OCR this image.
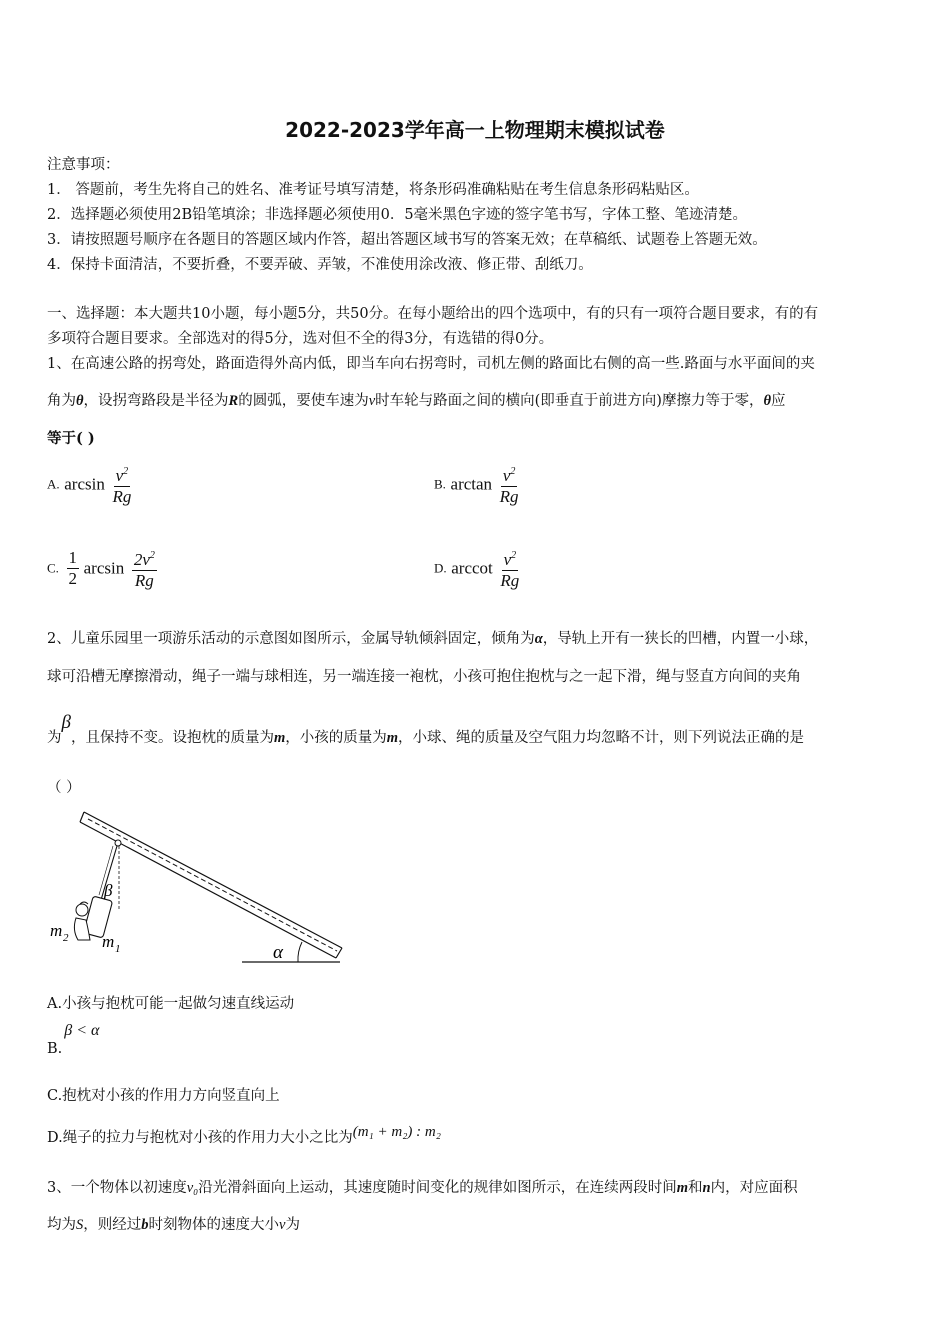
2022-2023学年高一上物理期末模拟试卷
注意事项：
1． 答题前，考生先将自己的姓名、准考证号填写清楚，将条形码准确粘贴在考生信息条形码粘贴区。
2．选择题必须使用2B铅笔填涂；非选择题必须使用0．5毫米黑色字迹的签字笔书写，字体工整、笔迹清楚。
3．请按照题号顺序在各题目的答题区域内作答，超出答题区域书写的答案无效；在草稿纸、试题卷上答题无效。
4．保持卡面清洁，不要折叠，不要弄破、弄皱，不准使用涂改液、修正带、刮纸刀。
一、选择题：本大题共10小题，每小题5分，共50分。在每小题给出的四个选项中，有的只有一项符合题目要求，有的有
多项符合题目要求。全部选对的得5分，选对但不全的得3分，有选错的得0分。
1、在高速公路的拐弯处，路面造得外高内低，即当车向右拐弯时，司机左侧的路面比右侧的高一些.路面与水平面间的夹
角为θ，设拐弯路段是半径为R的圆弧，要使车速为v时车轮与路面之间的横向(即垂直于前进方向)摩擦力等于零，θ应
等于( )
A. $\arcsin \frac{v^2}{Rg}$	B. $\arctan \frac{v^2}{Rg}$
C. $\frac{1}{2}$ $\arcsin \frac{2v^2}{Rg}$	D. arccot $\frac{v^2}{Rg}$
2、儿童乐园里一项游乐活动的示意图如图所示，金属导轨倾斜固定，倾角为α，导轨上开有一狭长的凹槽，内置一小球，
球可沿槽无摩擦滑动，绳子一端与球相连，另一端连接一袍枕，小孩可抱住抱枕与之一起下滑，绳与竖直方向间的夹角
为β，且保持不变。设抱枕的质量为m，小孩的质量为m，小球、绳的质量及空气阻力均忽略不计，则下列说法正确的是
（ ）
β
m 2 m 1	α
A.小孩与抱枕可能一起做匀速直线运动
B.β < α
C.抱枕对小孩的作用力方向竖直向上
D.绳子的拉力与抱枕对小孩的作用力大小之比为(m₁ + m₂) : m₂
3、一个物体以初速度v₀沿光滑斜面向上运动，其速度随时间变化的规律如图所示，在连续两段时间m和n内，对应面积
均为S，则经过b时刻物体的速度大小v为
